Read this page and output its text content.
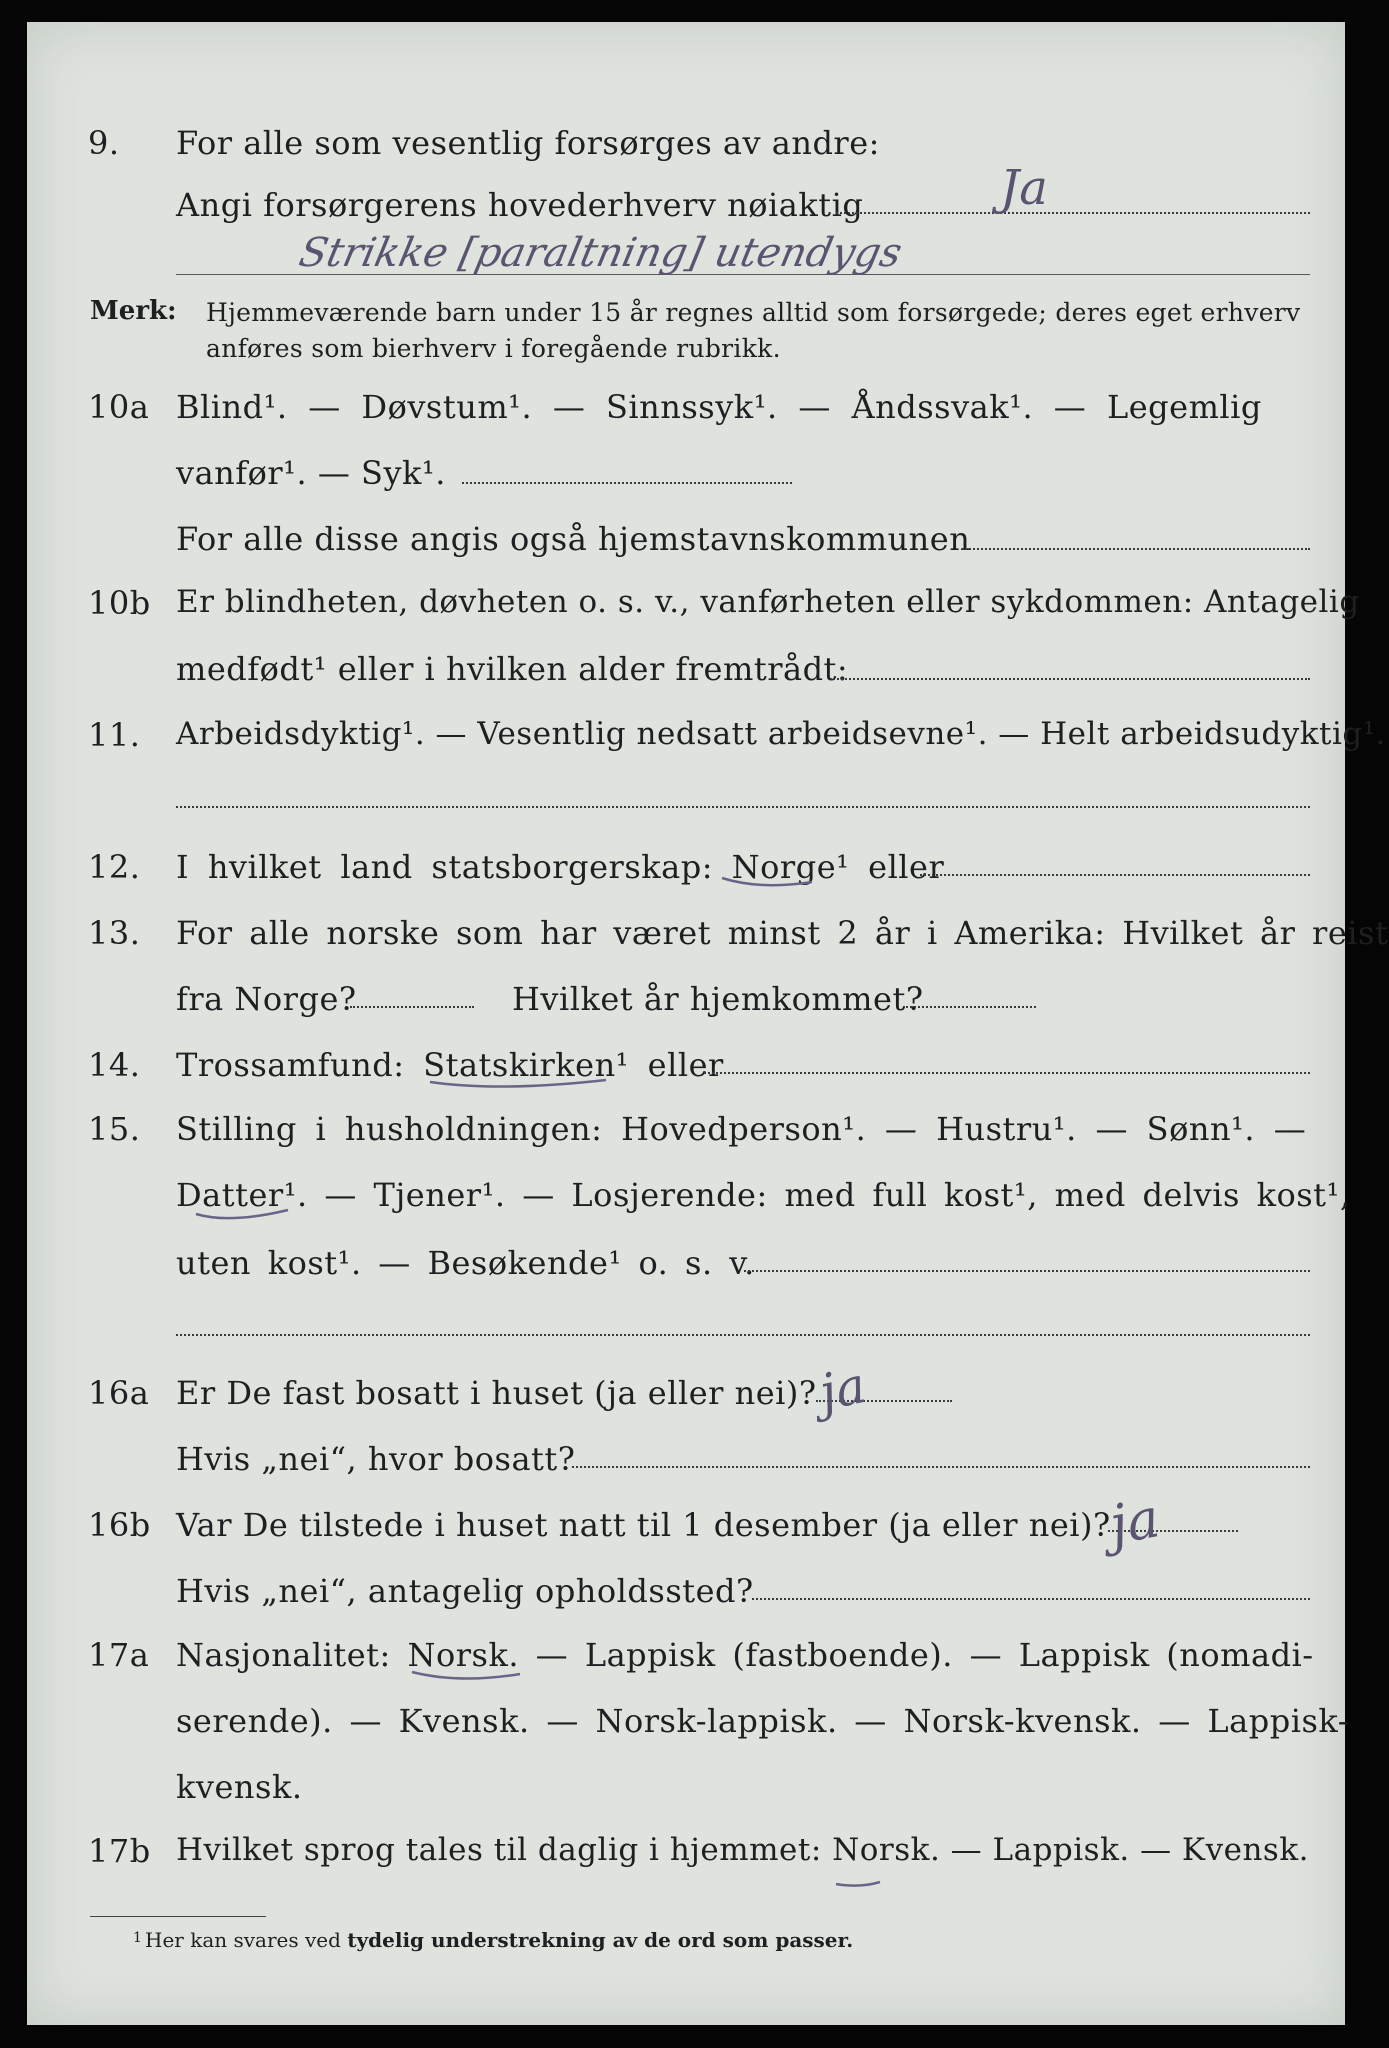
9. For alle som vesentlig forsørges av andre:
Angi forsørgerens hovederhverv nøiaktig	Ja
Strikke [paraltning] utendygs
Merk: Hjemmeværende barn under 15 år regnes alltid som forsørgede; deres eget erhverv
anføres som bierhverv i foregående rubrikk.
10a Blind¹. — Døvstum¹. — Sinnssyk¹. — Åndssvak¹. — Legemlig
vanfør¹. — Syk¹.
For alle disse angis også hjemstavnskommunen
10b Er blindheten, døvheten o. s. v., vanførheten eller sykdommen: Antagelig
medfødt¹ eller i hvilken alder fremtrådt:
11. Arbeidsdyktig¹. — Vesentlig nedsatt arbeidsevne¹. — Helt arbeidsudyktig¹.
12. I hvilket land statsborgerskap: Norge¹ eller
13. For alle norske som har været minst 2 år i Amerika: Hvilket år reist
fra Norge?	Hvilket år hjemkommet?
14. Trossamfund: Statskirken¹ eller
15. Stilling i husholdningen: Hovedperson¹. — Hustru¹. — Sønn¹. —
Datter¹. — Tjener¹. — Losjerende: med full kost¹, med delvis kost¹,
uten kost¹. — Besøkende¹ o. s. v.
16a Er De fast bosatt i huset (ja eller nei)?
ja
Hvis „nei“, hvor bosatt?
16b Var De tilstede i huset natt til 1 desember (ja eller nei)?
ja
Hvis „nei“, antagelig opholdssted?
17a Nasjonalitet: Norsk. — Lappisk (fastboende). — Lappisk (nomadi-
serende). — Kvensk. — Norsk-lappisk. — Norsk-kvensk. — Lappisk-
kvensk.
17b Hvilket sprog tales til daglig i hjemmet: Norsk. — Lappisk. — Kvensk.
1 Her kan svares ved tydelig understrekning av de ord som passer.
